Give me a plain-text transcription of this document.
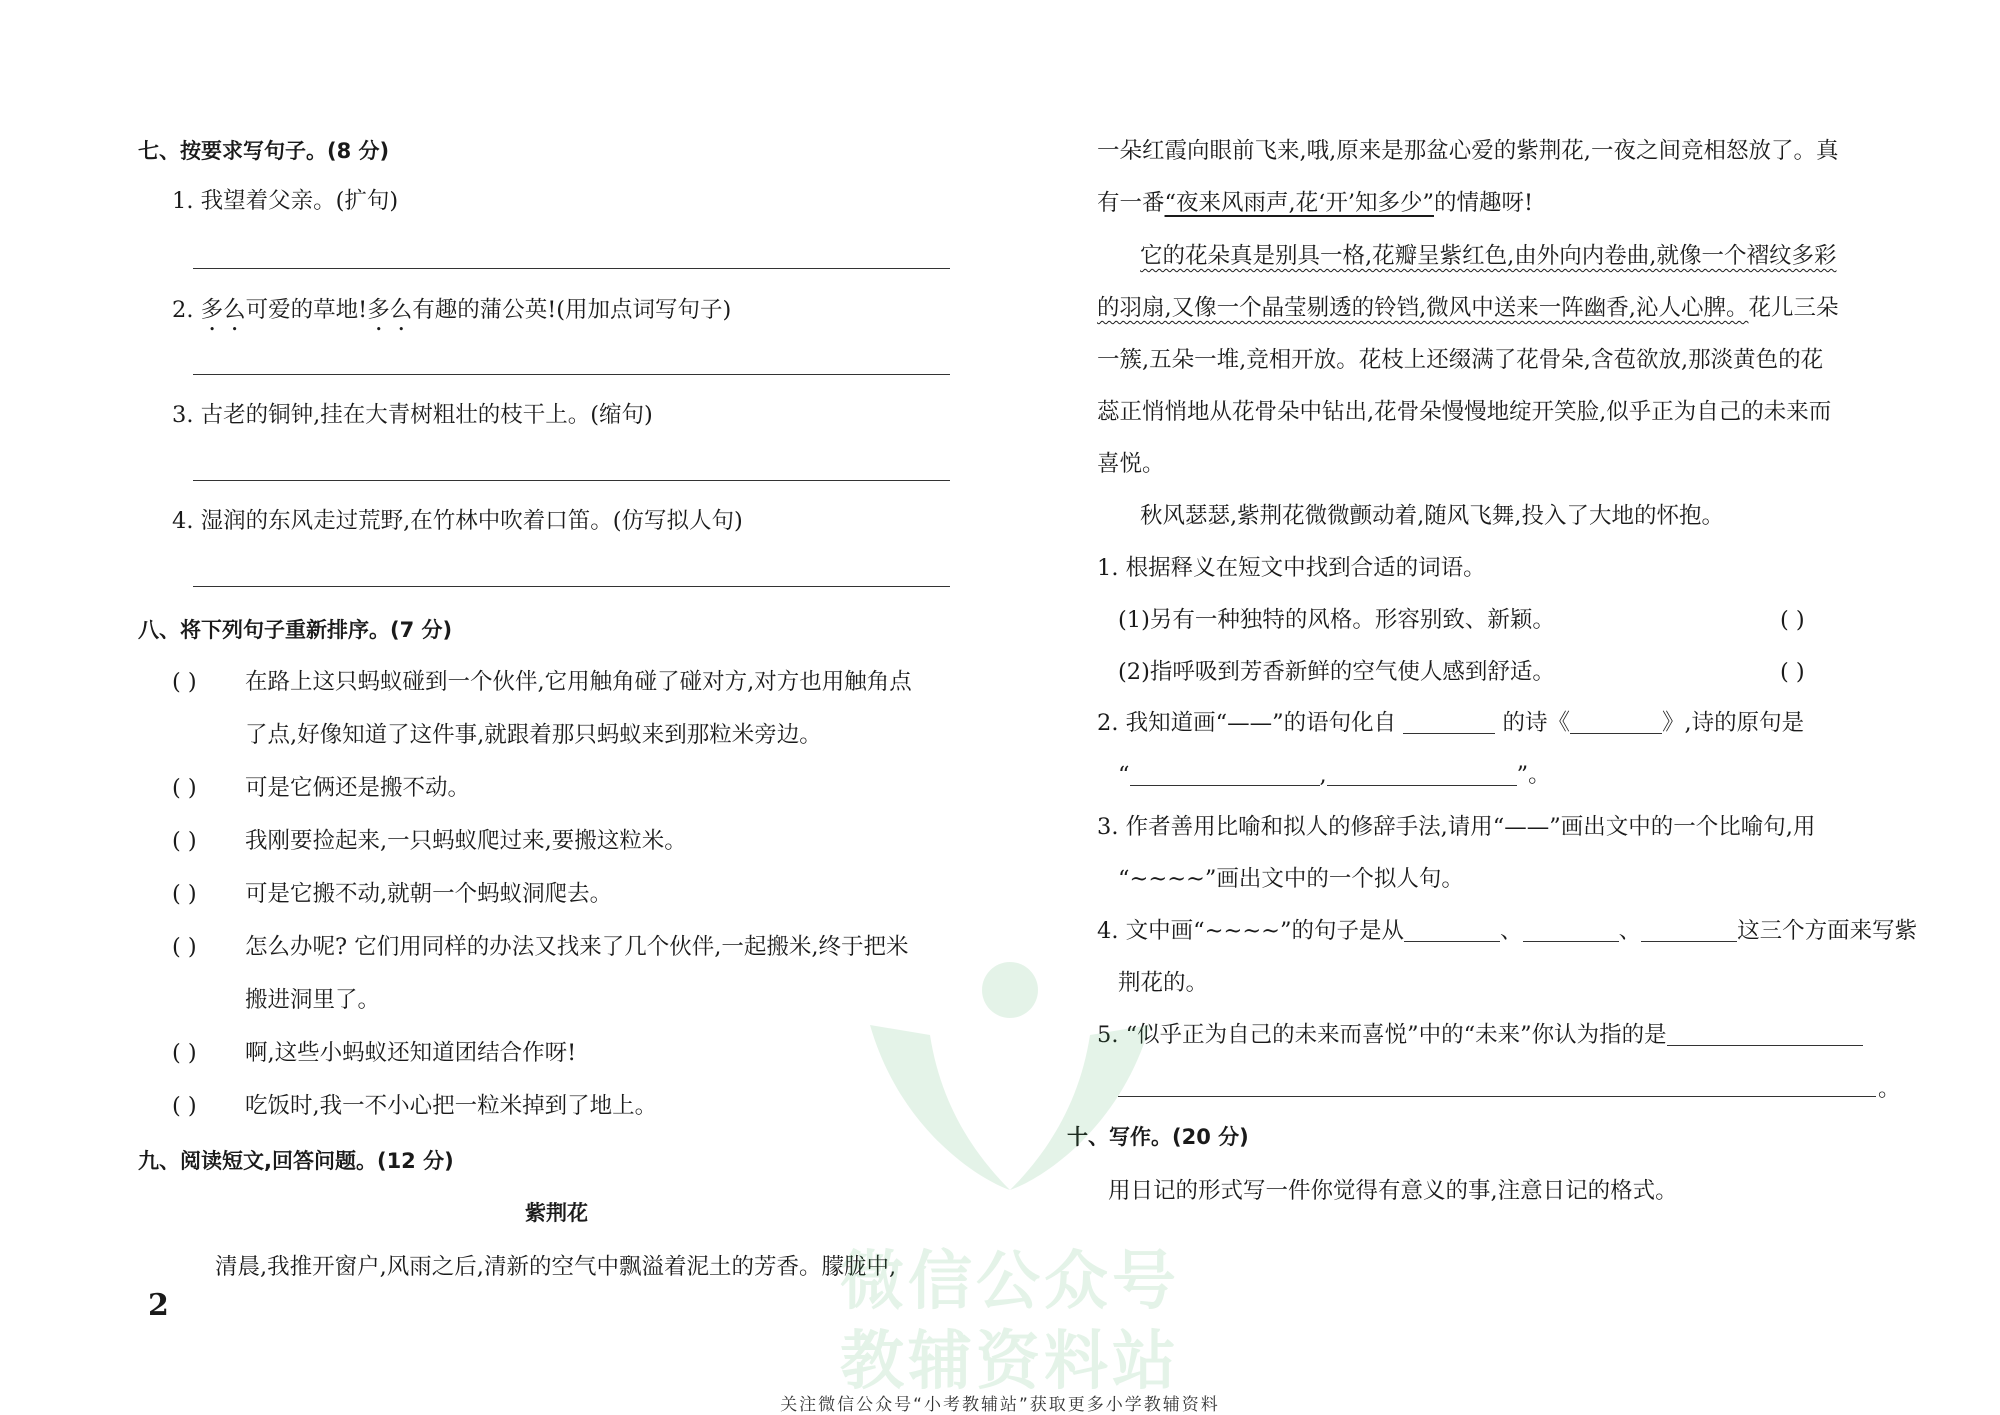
七、按要求写句子。(8 分)
1. 我望着父亲。(扩句)
2. 多么可爱的草地!多么有趣的蒲公英!(用加点词写句子)
3. 古老的铜钟,挂在大青树粗壮的枝干上。(缩句)
4. 湿润的东风走过荒野,在竹林中吹着口笛。(仿写拟人句)
八、将下列句子重新排序。(7 分)
( ) 在路上这只蚂蚁碰到一个伙伴,它用触角碰了碰对方,对方也用触角点
了点,好像知道了这件事,就跟着那只蚂蚁来到那粒米旁边。
( ) 可是它俩还是搬不动。
( ) 我刚要捡起来,一只蚂蚁爬过来,要搬这粒米。
( ) 可是它搬不动,就朝一个蚂蚁洞爬去。
( ) 怎么办呢? 它们用同样的办法又找来了几个伙伴,一起搬米,终于把米
搬进洞里了。
( ) 啊,这些小蚂蚁还知道团结合作呀!
( ) 吃饭时,我一不小心把一粒米掉到了地上。
九、阅读短文,回答问题。(12 分)
紫荆花
清晨,我推开窗户,风雨之后,清新的空气中飘溢着泥土的芳香。朦胧中,
2
一朵红霞向眼前飞来,哦,原来是那盆心爱的紫荆花,一夜之间竞相怒放了。真
有一番“夜来风雨声,花‘开’知多少”的情趣呀!
它的花朵真是别具一格,花瓣呈紫红色,由外向内卷曲,就像一个褶纹多彩
的羽扇,又像一个晶莹剔透的铃铛,微风中送来一阵幽香,沁人心脾。花儿三朵
一簇,五朵一堆,竞相开放。花枝上还缀满了花骨朵,含苞欲放,那淡黄色的花
蕊正悄悄地从花骨朵中钻出,花骨朵慢慢地绽开笑脸,似乎正为自己的未来而
喜悦。
秋风瑟瑟,紫荆花微微颤动着,随风飞舞,投入了大地的怀抱。
1. 根据释义在短文中找到合适的词语。
(1)另有一种独特的风格。形容别致、新颖。	( )
(2)指呼吸到芳香新鲜的空气使人感到舒适。	( )
2. 我知道画“——”的语句化自	的诗《	》,诗的原句是
“	,	”。
3. 作者善用比喻和拟人的修辞手法,请用“——”画出文中的一个比喻句,用
“~~~~”画出文中的一个拟人句。
4. 文中画“~~~~”的句子是从	、	、	这三个方面来写紫
荆花的。
5. “似乎正为自己的未来而喜悦”中的“未来”你认为指的是
。
十、写作。(20 分)
用日记的形式写一件你觉得有意义的事,注意日记的格式。
微信公众号
教辅资料站
关注微信公众号“小考教辅站”获取更多小学教辅资料
